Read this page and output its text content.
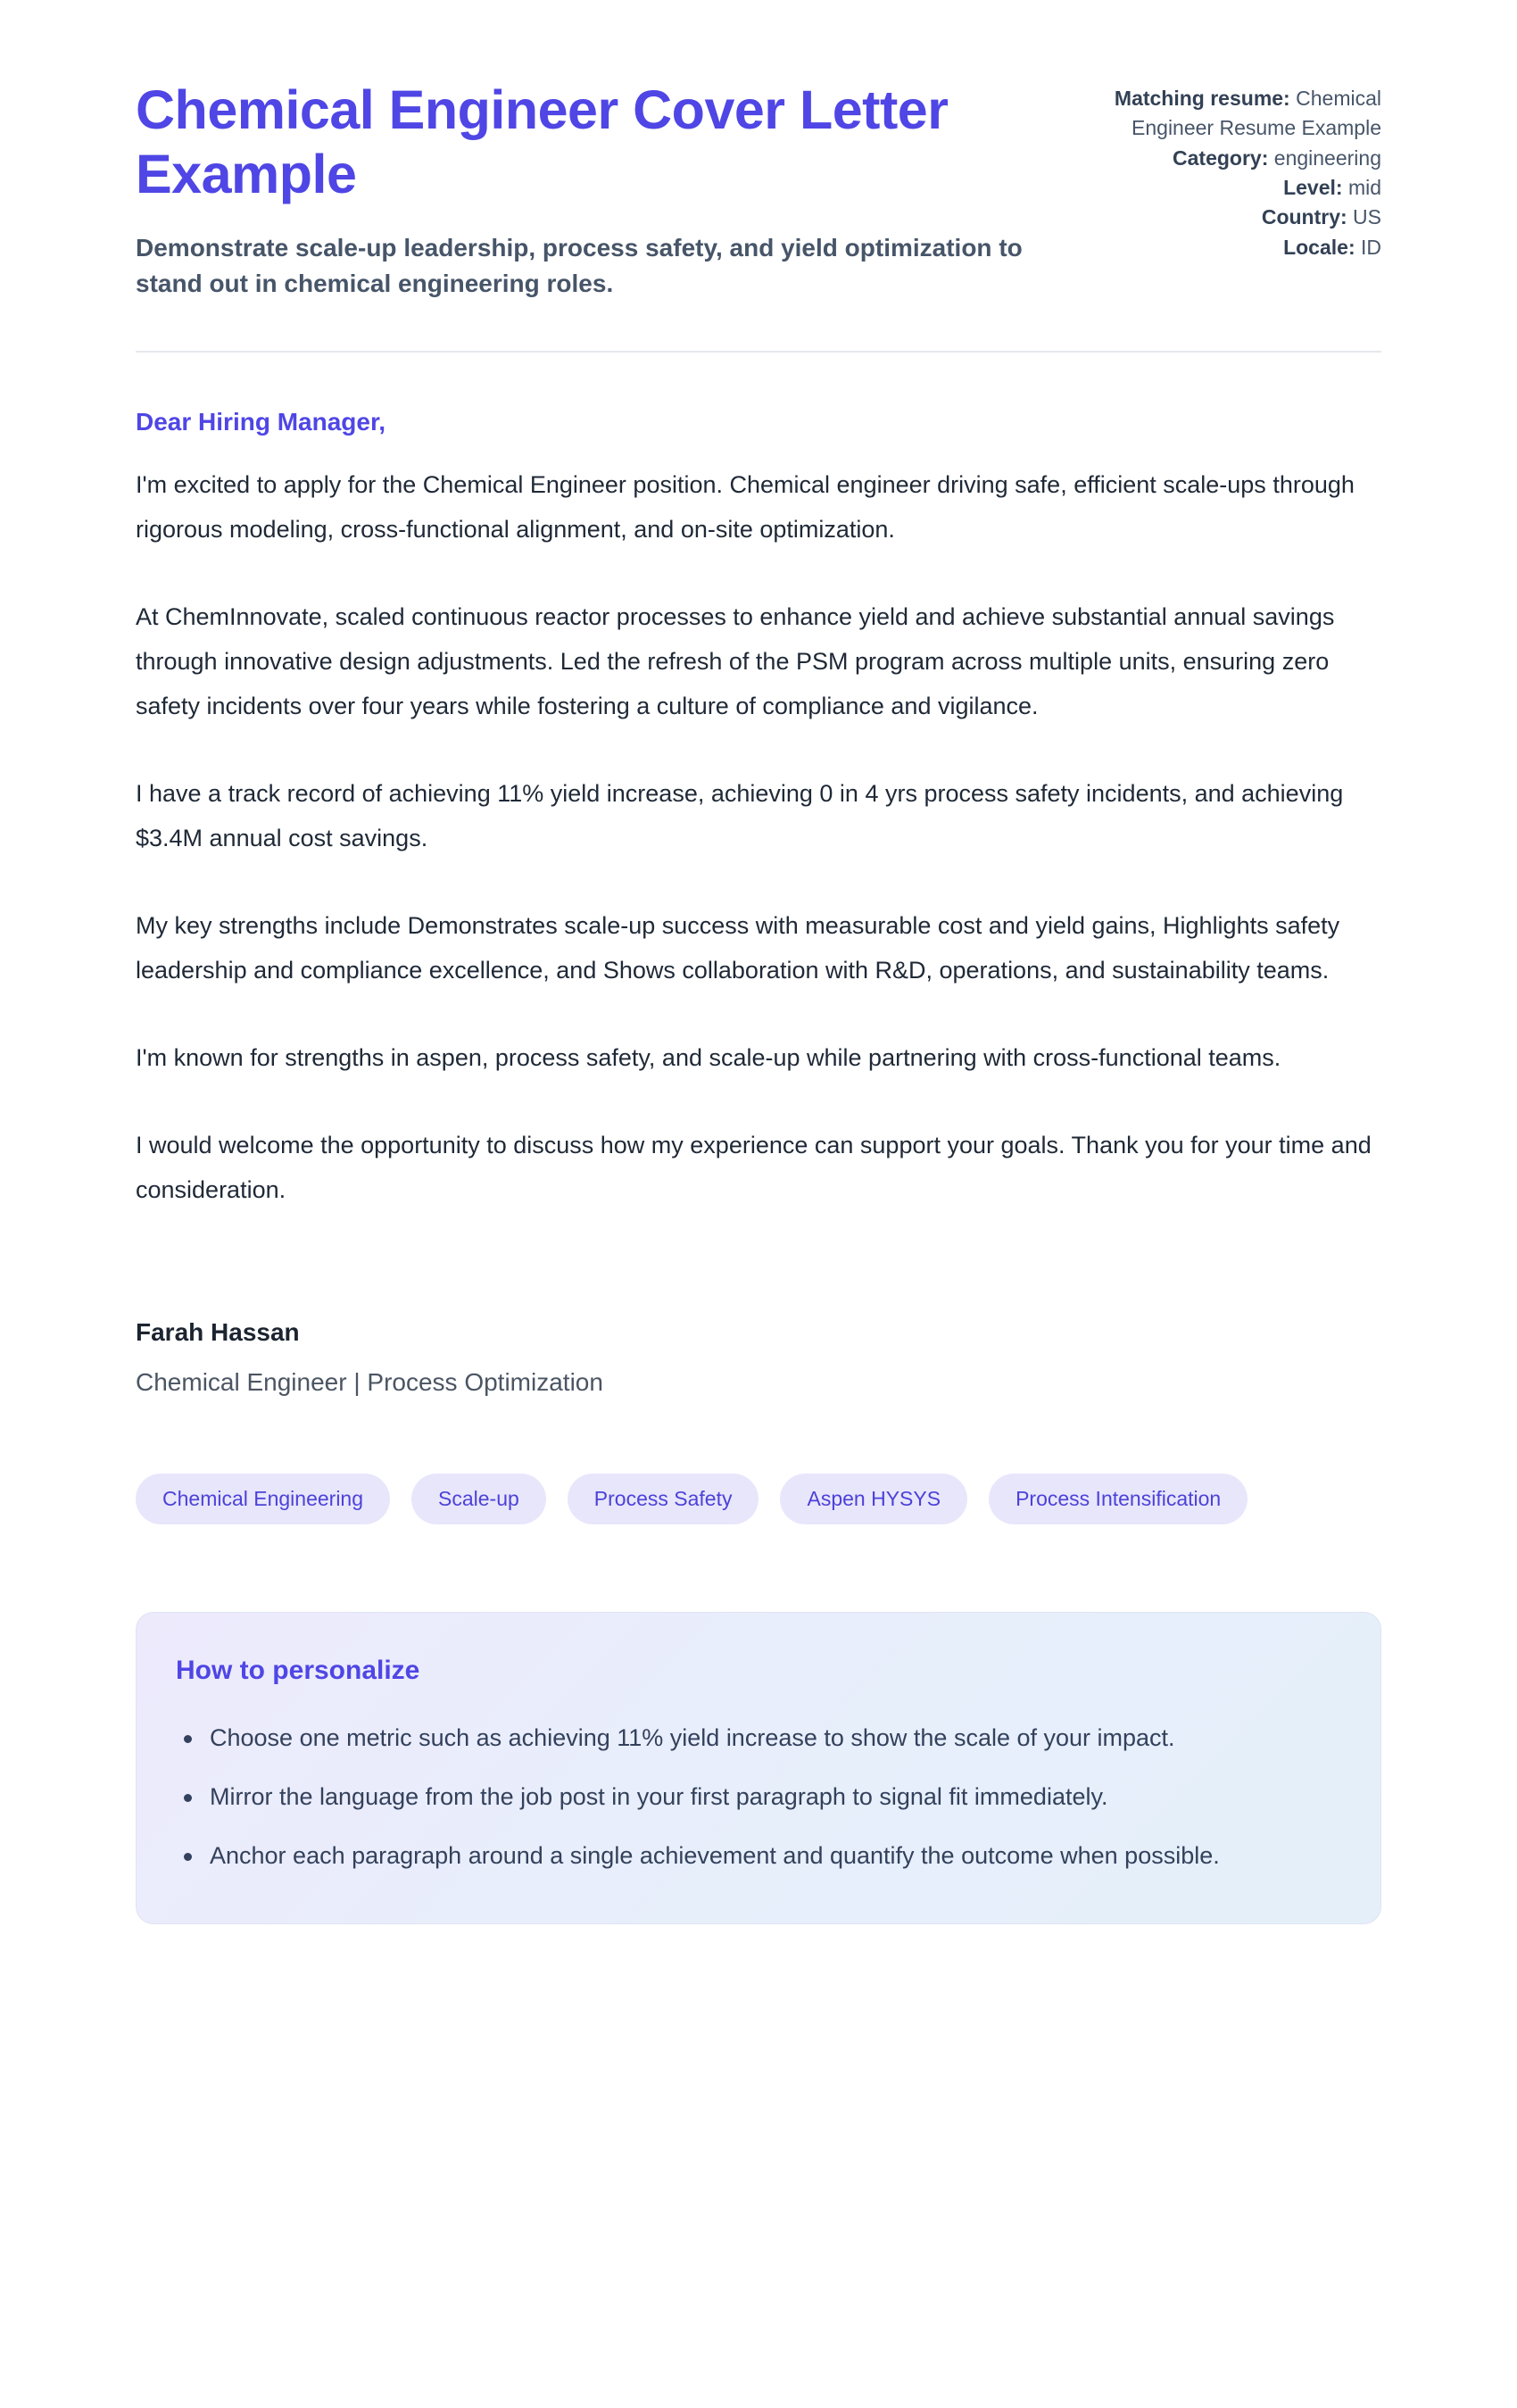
Chemical Engineer Cover Letter Example

Demonstrate scale-up leadership, process safety, and yield optimization to stand out in chemical engineering roles.

Matching resume: Chemical Engineer Resume Example
Category: engineering
Level: mid
Country: US
Locale: ID

Dear Hiring Manager,

I'm excited to apply for the Chemical Engineer position. Chemical engineer driving safe, efficient scale-ups through rigorous modeling, cross-functional alignment, and on-site optimization.

At ChemInnovate, scaled continuous reactor processes to enhance yield and achieve substantial annual savings through innovative design adjustments. Led the refresh of the PSM program across multiple units, ensuring zero safety incidents over four years while fostering a culture of compliance and vigilance.

I have a track record of achieving 11% yield increase, achieving 0 in 4 yrs process safety incidents, and achieving $3.4M annual cost savings.

My key strengths include Demonstrates scale-up success with measurable cost and yield gains, Highlights safety leadership and compliance excellence, and Shows collaboration with R&D, operations, and sustainability teams.

I'm known for strengths in aspen, process safety, and scale-up while partnering with cross-functional teams.

I would welcome the opportunity to discuss how my experience can support your goals. Thank you for your time and consideration.

Farah Hassan

Chemical Engineer | Process Optimization

Chemical Engineering	Scale-up	Process Safety	Aspen HYSYS	Process Intensification
How to personalize
Choose one metric such as achieving 11% yield increase to show the scale of your impact.
Mirror the language from the job post in your first paragraph to signal fit immediately.
Anchor each paragraph around a single achievement and quantify the outcome when possible.
